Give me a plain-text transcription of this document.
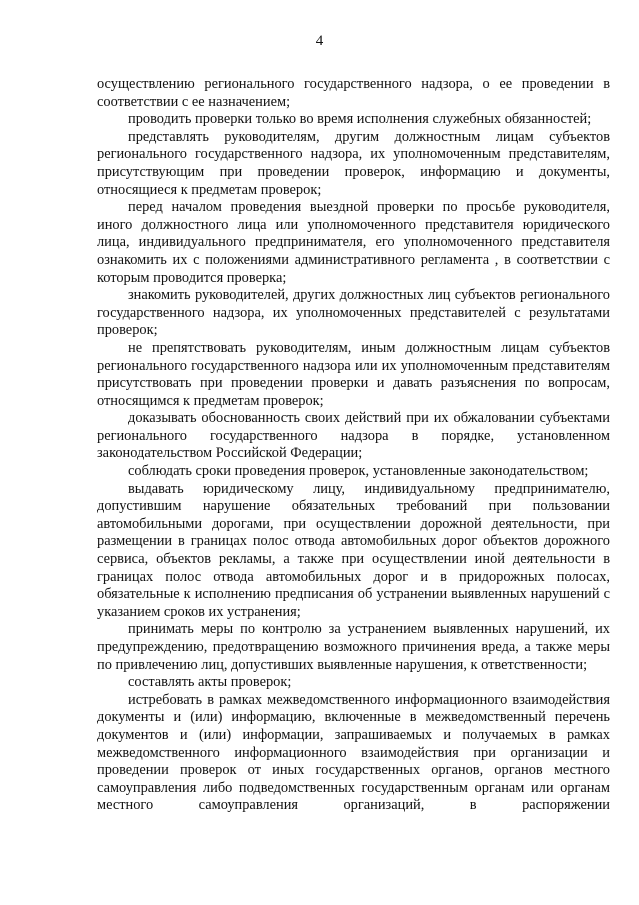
4

осуществлению регионального государственного надзора, о ее проведении в соответствии с ее назначением;

проводить проверки только во время исполнения служебных обязанностей;

представлять руководителям, другим должностным лицам субъектов регионального государственного надзора, их уполномоченным представителям, присутствующим при проведении проверок, информацию и документы, относящиеся к предметам проверок;

перед началом проведения выездной проверки по просьбе руководителя, иного должностного лица или уполномоченного представителя юридического лица, индивидуального предпринимателя, его уполномоченного представителя ознакомить их с положениями административного регламента , в соответствии с которым проводится проверка;

знакомить руководителей, других должностных лиц субъектов регионального государственного надзора, их уполномоченных представителей с результатами проверок;

не препятствовать руководителям, иным должностным лицам субъектов регионального государственного надзора или их уполномоченным представителям присутствовать при проведении проверки и давать разъяснения по вопросам, относящимся к предметам проверок;

доказывать обоснованность своих действий при их обжаловании субъектами регионального государственного надзора в порядке, установленном законодательством Российской Федерации;

соблюдать сроки проведения проверок, установленные законодательством;

выдавать юридическому лицу, индивидуальному предпринимателю, допустившим нарушение обязательных требований при пользовании автомобильными дорогами, при осуществлении дорожной деятельности, при размещении в границах полос отвода автомобильных дорог объектов дорожного сервиса, объектов рекламы, а также при осуществлении иной деятельности в границах полос отвода автомобильных дорог и в придорожных полосах, обязательные к исполнению предписания об устранении выявленных нарушений с указанием сроков их устранения;

принимать меры по контролю за устранением выявленных нарушений, их предупреждению, предотвращению возможного причинения вреда, а также меры по привлечению лиц, допустивших выявленные нарушения, к ответственности;

составлять акты проверок;

истребовать в рамках межведомственного информационного взаимодействия документы и (или) информацию, включенные в межведомственный перечень документов и (или) информации, запрашиваемых и получаемых в рамках межведомственного информационного взаимодействия при организации и проведении проверок от иных государственных органов, органов местного самоуправления либо подведомственных государственным органам или органам местного самоуправления организаций, в распоряжении
